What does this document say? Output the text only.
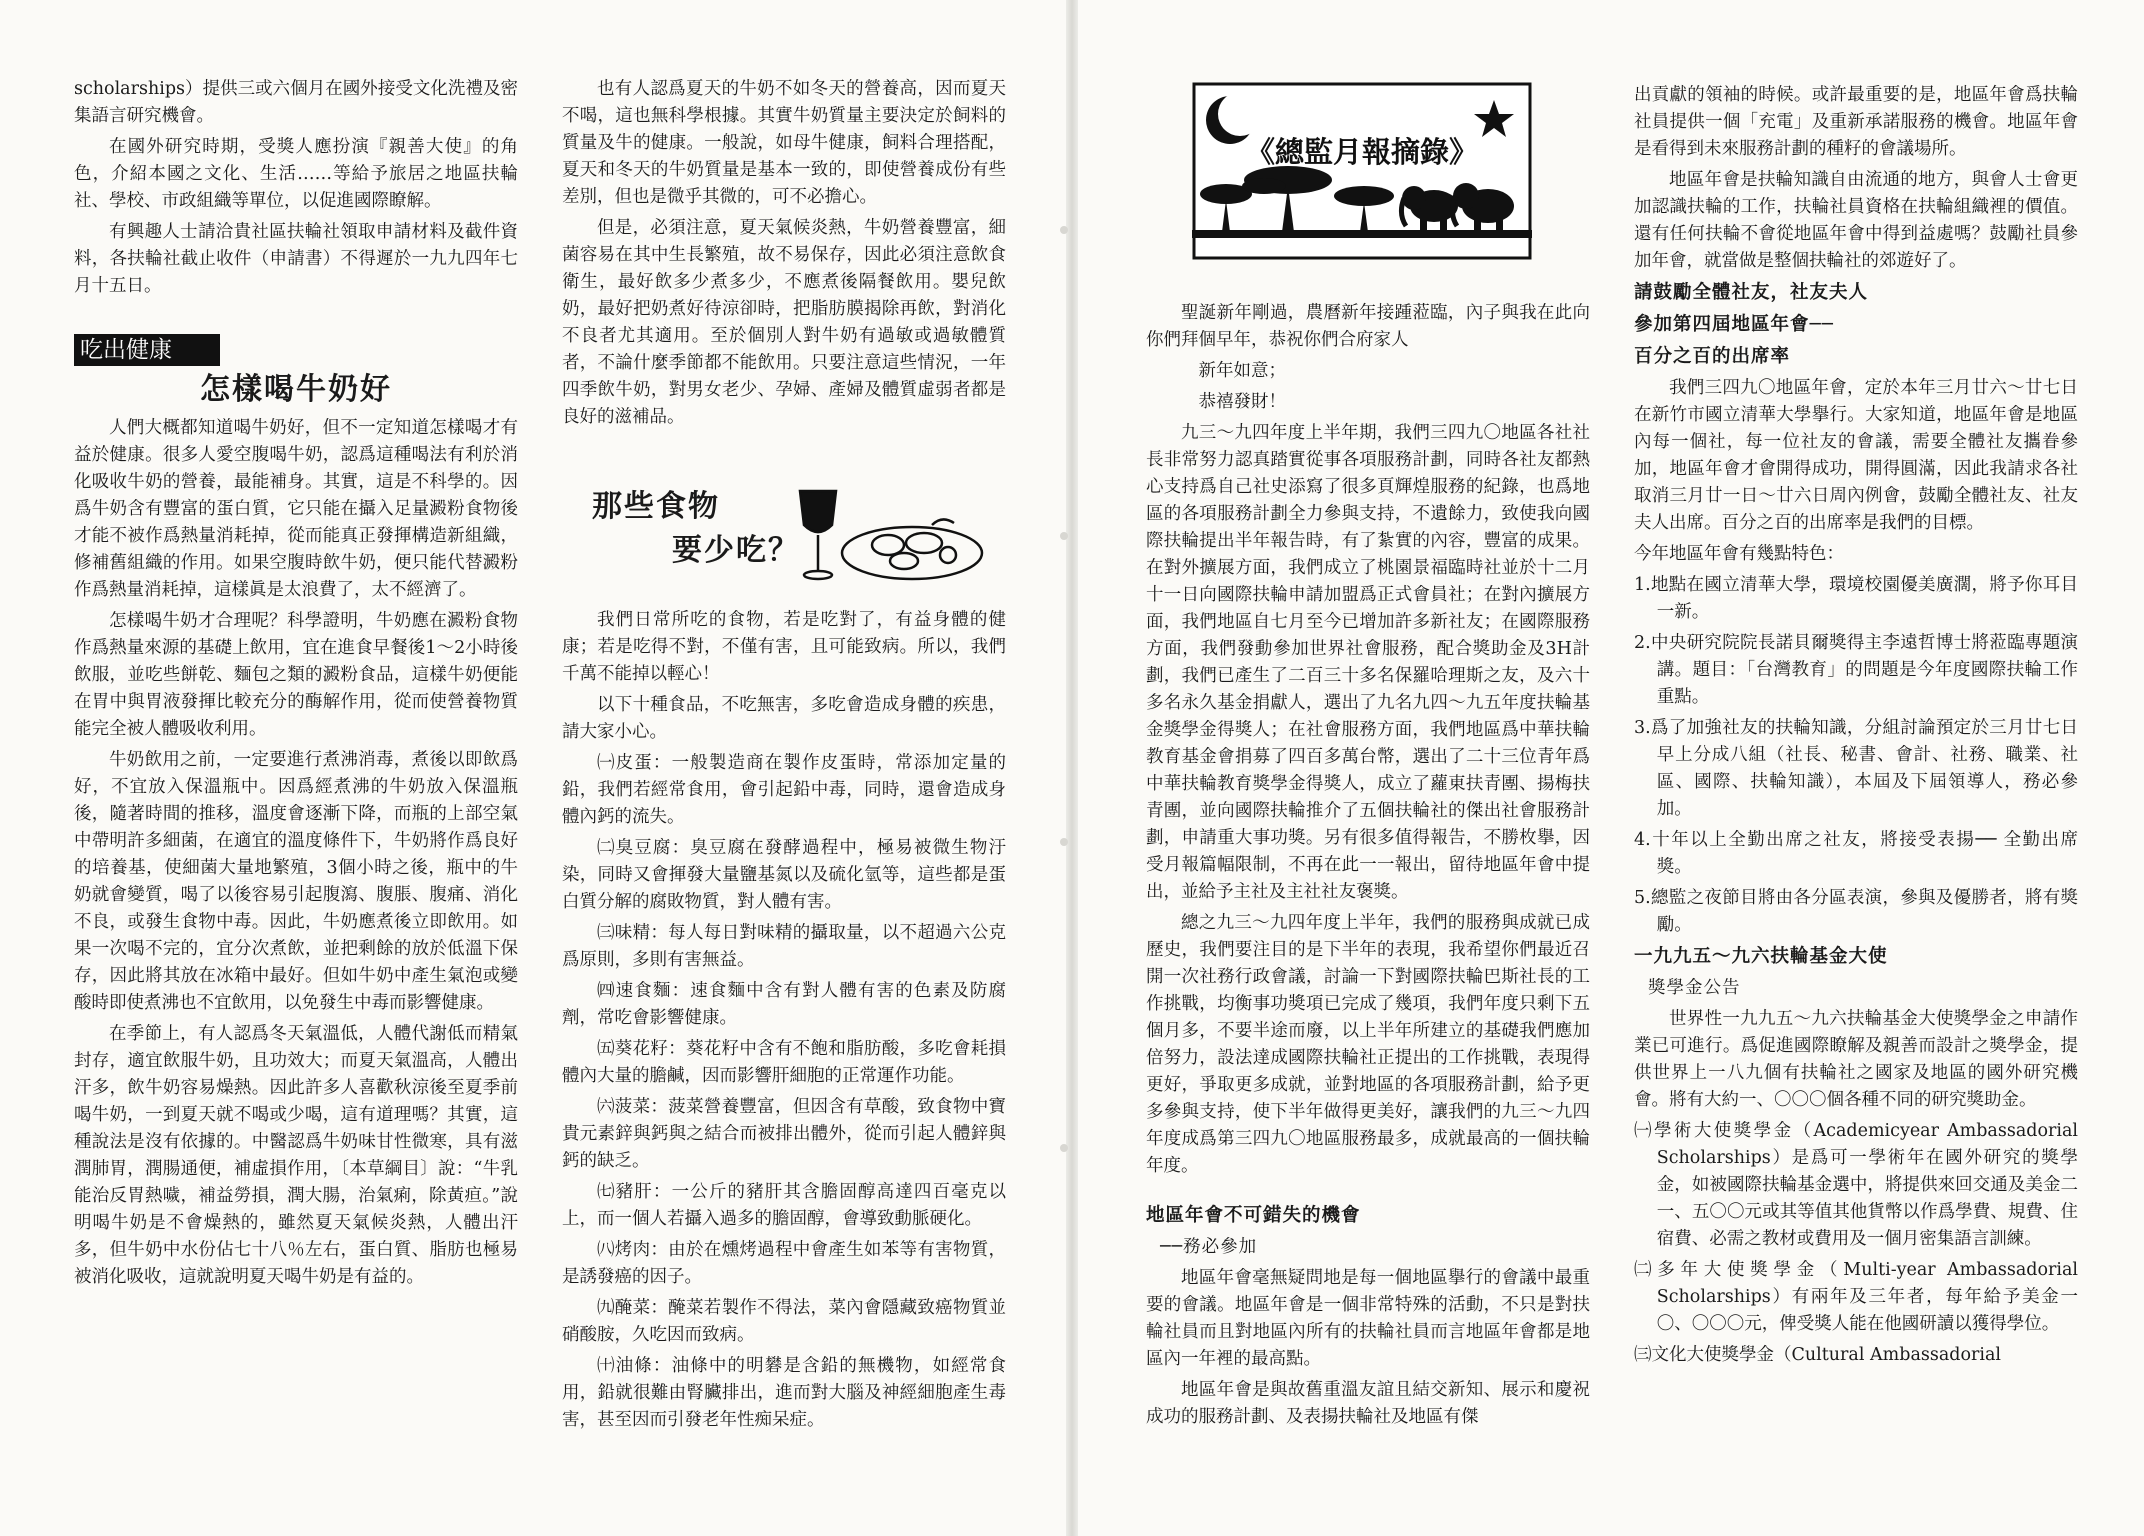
scholarships）提供三或六個月在國外接受文化洗禮及密集語言研究機會。

在國外研究時期，受獎人應扮演『親善大使』的角色，介紹本國之文化、生活……等給予旅居之地區扶輪社、學校、市政組織等單位，以促進國際瞭解。

有興趣人士請洽貴社區扶輪社領取申請材料及截件資料，各扶輪社截止收件（申請書）不得遲於一九九四年七月十五日。

吃出健康
怎樣喝牛奶好

人們大概都知道喝牛奶好，但不一定知道怎樣喝才有益於健康。很多人愛空腹喝牛奶，認爲這種喝法有利於消化吸收牛奶的營養，最能補身。其實，這是不科學的。因爲牛奶含有豐富的蛋白質，它只能在攝入足量澱粉食物後才能不被作爲熱量消耗掉，從而能真正發揮構造新組織，修補舊組織的作用。如果空腹時飲牛奶，便只能代替澱粉作爲熱量消耗掉，這樣眞是太浪費了，太不經濟了。

怎樣喝牛奶才合理呢？科學證明，牛奶應在澱粉食物作爲熱量來源的基礎上飲用，宜在進食早餐後1～2小時後飲服，並吃些餅乾、麵包之類的澱粉食品，這樣牛奶便能在胃中與胃液發揮比較充分的酶解作用，從而使營養物質能完全被人體吸收利用。

牛奶飲用之前，一定要進行煮沸消毒，煮後以即飲爲好，不宜放入保溫瓶中。因爲經煮沸的牛奶放入保溫瓶後，隨著時間的推移，溫度會逐漸下降，而瓶的上部空氣中帶明許多細菌，在適宜的溫度條件下，牛奶將作爲良好的培養基，使細菌大量地繁殖，3個小時之後，瓶中的牛奶就會變質，喝了以後容易引起腹瀉、腹脹、腹痛、消化不良，或發生食物中毒。因此，牛奶應煮後立即飲用。如果一次喝不完的，宜分次煮飲，並把剩餘的放於低溫下保存，因此將其放在冰箱中最好。但如牛奶中產生氣泡或變酸時即使煮沸也不宜飲用，以免發生中毒而影響健康。

在季節上，有人認爲冬天氣溫低，人體代謝低而精氣封存，適宜飲服牛奶，且功效大；而夏天氣溫高，人體出汗多，飲牛奶容易燥熱。因此許多人喜歡秋涼後至夏季前喝牛奶，一到夏天就不喝或少喝，這有道理嗎？其實，這種說法是沒有依據的。中醫認爲牛奶味甘性微寒，具有滋潤肺胃，潤腸通便，補虛損作用，〔本草綱目〕說：“牛乳能治反胃熱噦，補益勞損，潤大腸，治氣痢，除黃疸。”說明喝牛奶是不會燥熱的，雖然夏天氣候炎熱，人體出汗多，但牛奶中水份佔七十八％左右，蛋白質、脂肪也極易被消化吸收，這就說明夏天喝牛奶是有益的。

也有人認爲夏天的牛奶不如冬天的營養高，因而夏天不喝，這也無科學根據。其實牛奶質量主要決定於飼料的質量及牛的健康。一般說，如母牛健康，飼料合理搭配，夏天和冬天的牛奶質量是基本一致的，即使營養成份有些差別，但也是微乎其微的，可不必擔心。

但是，必須注意，夏天氣候炎熱，牛奶營養豐富，細菌容易在其中生長繁殖，故不易保存，因此必須注意飲食衛生，最好飲多少煮多少，不應煮後隔餐飲用。嬰兒飲奶，最好把奶煮好待涼卻時，把脂肪膜揭除再飲，對消化不良者尤其適用。至於個別人對牛奶有過敏或過敏體質者，不論什麼季節都不能飲用。只要注意這些情況，一年四季飲牛奶，對男女老少、孕婦、產婦及體質虛弱者都是良好的滋補品。

那些食物
要少吃？

我們日常所吃的食物，若是吃對了，有益身體的健康；若是吃得不對，不僅有害，且可能致病。所以，我們千萬不能掉以輕心！

以下十種食品，不吃無害，多吃會造成身體的疾患，請大家小心。

㈠皮蛋：一般製造商在製作皮蛋時，常添加定量的鉛，我們若經常食用，會引起鉛中毒，同時，還會造成身體內鈣的流失。

㈡臭豆腐：臭豆腐在發酵過程中，極易被微生物汙染，同時又會揮發大量鹽基氮以及硫化氫等，這些都是蛋白質分解的腐敗物質，對人體有害。

㈢味精：每人每日對味精的攝取量，以不超過六公克爲原則，多則有害無益。

㈣速食麵：速食麵中含有對人體有害的色素及防腐劑，常吃會影響健康。

㈤葵花籽：葵花籽中含有不飽和脂肪酸，多吃會耗損體內大量的膽鹹，因而影響肝細胞的正常運作功能。

㈥菠菜：菠菜營養豐富，但因含有草酸，致食物中寶貴元素鋅與鈣與之結合而被排出體外，從而引起人體鋅與鈣的缺乏。

㈦豬肝：一公斤的豬肝其含膽固醇高達四百毫克以上，而一個人若攝入過多的膽固醇，會導致動脈硬化。

㈧烤肉：由於在燻烤過程中會產生如苯等有害物質，是誘發癌的因子。

㈨醃菜：醃菜若製作不得法，菜內會隱藏致癌物質並硝酸胺，久吃因而致病。

㈩油條：油條中的明礬是含鉛的無機物，如經常食用，鉛就很難由腎臟排出，進而對大腦及神經細胞產生毒害，甚至因而引發老年性痴呆症。

《總監月報摘錄》

聖誕新年剛過，農曆新年接踵蒞臨，內子與我在此向你們拜個早年，恭祝你們合府家人

新年如意；

恭禧發財！

九三～九四年度上半年期，我們三四九〇地區各社社長非常努力認真踏實從事各項服務計劃，同時各社友都熱心支持爲自己社史添寫了很多頁輝煌服務的紀錄，也爲地區的各項服務計劃全力參與支持，不遺餘力，致使我向國際扶輪提出半年報告時，有了紮實的內容，豐富的成果。在對外擴展方面，我們成立了桃園景福臨時社並於十二月十一日向國際扶輪申請加盟爲正式會員社；在對內擴展方面，我們地區自七月至今已增加許多新社友；在國際服務方面，我們發動參加世界社會服務，配合獎助金及3H計劃，我們已產生了二百三十多名保羅哈理斯之友，及六十多名永久基金捐獻人，選出了九名九四～九五年度扶輪基金獎學金得獎人；在社會服務方面，我們地區爲中華扶輪教育基金會捐募了四百多萬台幣，選出了二十三位青年爲中華扶輪教育獎學金得獎人，成立了蘿東扶青團、揚梅扶青團，並向國際扶輪推介了五個扶輪社的傑出社會服務計劃，申請重大事功獎。另有很多值得報告，不勝枚擧，因受月報篇幅限制，不再在此一一報出，留待地區年會中提出，並給予主社及主社社友褒獎。

總之九三～九四年度上半年，我們的服務與成就已成歷史，我們要注目的是下半年的表現，我希望你們最近召開一次社務行政會議，討論一下對國際扶輪巴斯社長的工作挑戰，均衡事功獎項已完成了幾項，我們年度只剩下五個月多，不要半途而廢，以上半年所建立的基礎我們應加倍努力，設法達成國際扶輪社正提出的工作挑戰，表現得更好，爭取更多成就，並對地區的各項服務計劃，給予更多參與支持，使下半年做得更美好，讓我們的九三～九四年度成爲第三四九〇地區服務最多，成就最高的一個扶輪年度。

地區年會不可錯失的機會

──務必參加

地區年會毫無疑問地是每一個地區擧行的會議中最重要的會議。地區年會是一個非常特殊的活動，不只是對扶輪社員而且對地區內所有的扶輪社員而言地區年會都是地區內一年裡的最高點。

地區年會是與故舊重溫友誼且結交新知、展示和慶祝成功的服務計劃、及表揚扶輪社及地區有傑

出貢獻的領袖的時候。或許最重要的是，地區年會爲扶輪社員提供一個「充電」及重新承諾服務的機會。地區年會是看得到未來服務計劃的種籽的會議場所。

地區年會是扶輪知識自由流通的地方，與會人士會更加認識扶輪的工作，扶輪社員資格在扶輪組織裡的價值。還有任何扶輪不會從地區年會中得到益處嗎？鼓勵社員參加年會，就當做是整個扶輪社的郊遊好了。

請鼓勵全體社友，社友夫人

參加第四屆地區年會──

百分之百的出席率

我們三四九〇地區年會，定於本年三月廿六～廿七日在新竹市國立清華大學擧行。大家知道，地區年會是地區內每一個社，每一位社友的會議，需要全體社友攜眷參加，地區年會才會開得成功，開得圓滿，因此我請求各社取消三月廿一日～廿六日周內例會，鼓勵全體社友、社友夫人出席。百分之百的出席率是我們的目標。

今年地區年會有幾點特色：

1.地點在國立清華大學，環境校園優美廣濶，將予你耳目一新。

2.中央研究院院長諾貝爾獎得主李遠哲博士將蒞臨專題演講。題目：「台灣教育」的問題是今年度國際扶輪工作重點。

3.爲了加強社友的扶輪知識，分組討論預定於三月廿七日早上分成八組（社長、秘書、會計、社務、職業、社區、國際、扶輪知識），本屆及下屆領導人，務必參加。

4.十年以上全勤出席之社友，將接受表揚── 全勤出席獎。

5.總監之夜節目將由各分區表演，參與及優勝者，將有獎勵。

一九九五～九六扶輪基金大使

獎學金公告

世界性一九九五～九六扶輪基金大使獎學金之申請作業已可進行。爲促進國際瞭解及親善而設計之獎學金，提供世界上一八九個有扶輪社之國家及地區的國外研究機會。將有大約一、〇〇〇個各種不同的研究獎助金。

㈠學術大使獎學金（Academicyear Ambassadorial Scholarships）是爲可一學術年在國外研究的獎學金，如被國際扶輪基金選中，將提供來回交通及美金二一、五〇〇元或其等值其他貨幣以作爲學費、規費、住宿費、必需之教材或費用及一個月密集語言訓練。

㈡多年大使獎學金（Multi-year Ambassadorial Scholarships）有兩年及三年者，每年給予美金一〇、〇〇〇元，俾受獎人能在他國研讀以獲得學位。

㈢文化大使獎學金（Cultural Ambassadorial
